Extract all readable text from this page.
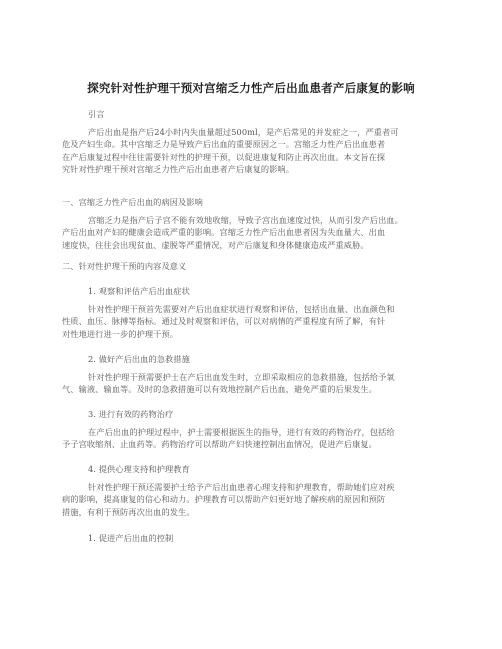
探究针对性护理干预对宫缩乏力性产后出血患者产后康复的影响
引言
产后出血是指产后24小时内失血量超过500ml，是产后常见的并发症之一，严重者可
危及产妇生命。其中宫缩乏力是导致产后出血的重要原因之一。宫缩乏力性产后出血患者
在产后康复过程中往往需要针对性的护理干预，以促进康复和防止再次出血。本文旨在探
究针对性护理干预对宫缩乏力性产后出血患者产后康复的影响。
一、宫缩乏力性产后出血的病因及影响
宫缩乏力是指产后子宫不能有效地收缩，导致子宫出血速度过快，从而引发产后出血。
产后出血对产妇的健康会造成严重的影响。宫缩乏力性产后出血患者因为失血量大、出血
速度快，往往会出现贫血、虚脱等严重情况，对产后康复和身体健康造成严重威胁。
二、针对性护理干预的内容及意义
1. 观察和评估产后出血症状
针对性护理干预首先需要对产后出血症状进行观察和评估，包括出血量、出血颜色和
性质、血压、脉搏等指标。通过及时观察和评估，可以对病情的严重程度有所了解，有针
对性地进行进一步的护理干预。
2. 做好产后出血的急救措施
针对性护理干预需要护士在产后出血发生时，立即采取相应的急救措施，包括给予氧
气、输液、输血等。及时的急救措施可以有效地控制产后出血，避免严重的后果发生。
3. 进行有效的药物治疗
在产后出血的护理过程中，护士需要根据医生的指导，进行有效的药物治疗，包括给
予子宫收缩剂、止血药等。药物治疗可以帮助产妇快速控制出血情况，促进产后康复。
4. 提供心理支持和护理教育
针对性护理干预还需要护士给予产后出血患者心理支持和护理教育，帮助她们应对疾
病的影响，提高康复的信心和动力。护理教育可以帮助产妇更好地了解疾病的原因和预防
措施，有利于预防再次出血的发生。
1. 促进产后出血的控制
